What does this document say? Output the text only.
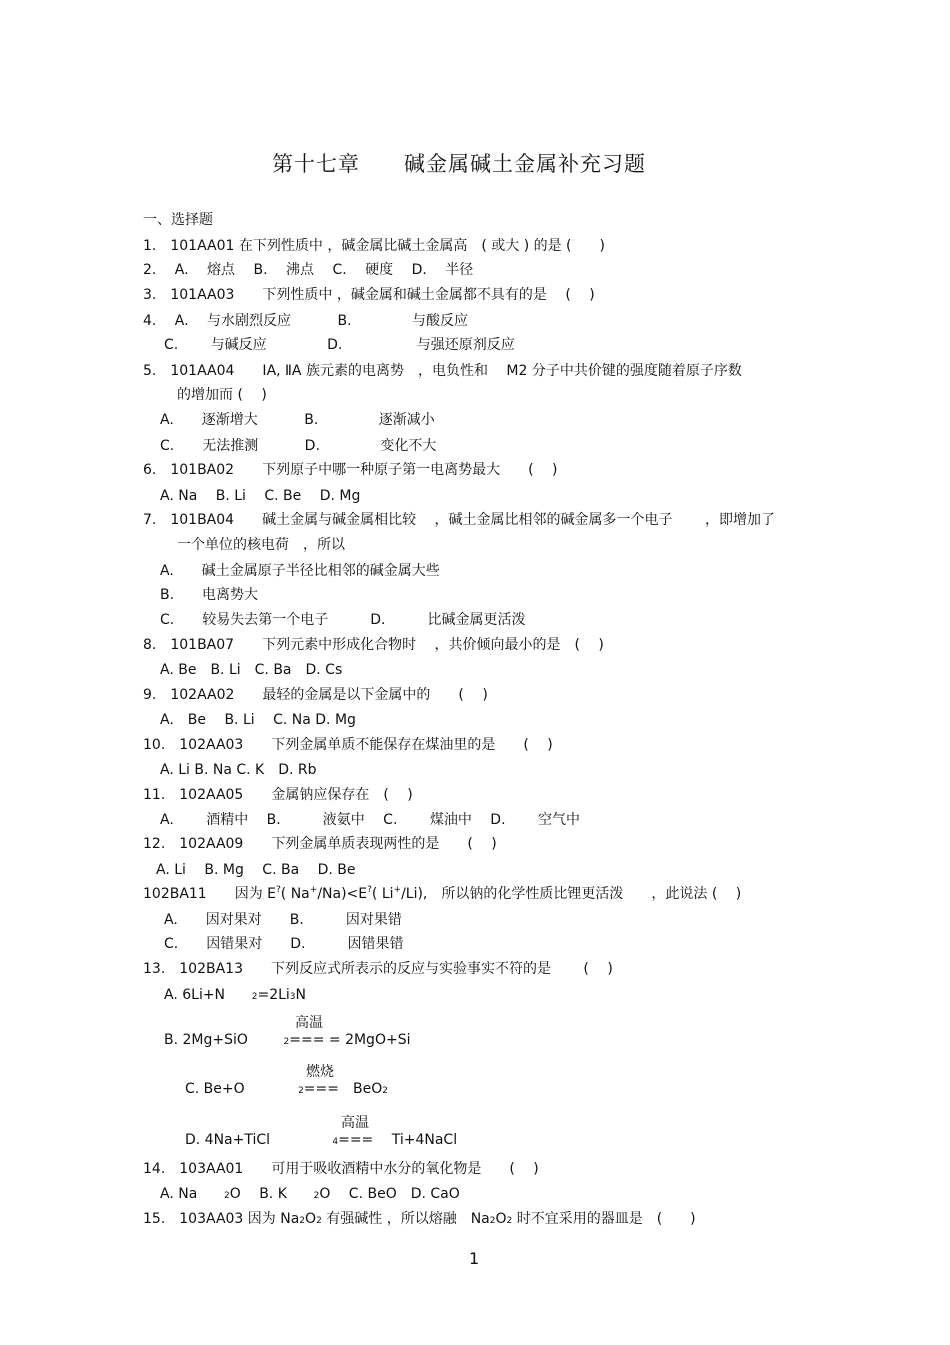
第十七章　　碱金属碱土金属补充习题
一、选择题
1.　101AA01 在下列性质中 ，碱金属比碱土金属高　( 或大 ) 的是 (　　)
2.　 A.　 熔点　 B.　 沸点　 C.　 硬度　 D.　 半径
3.　101AA03　　下列性质中 ，碱金属和碱土金属都不具有的是　 (　 )
4.　 A.　 与水剧烈反应　　　 B.　　　　 与酸反应
C.　　 与碱反应　　　　 D.　　　　　 与强还原剂反应
5.　101AA04　　ⅠA, ⅡA 族元素的电离势　，电负性和　 M2 分子中共价键的强度随着原子序数
的增加而 (　 )
A.　　逐渐增大　　　 B.　　　　 逐渐减小
C.　　无法推测　　　 D.　　　　 变化不大
6.　101BA02　　下列原子中哪一种原子第一电离势最大　　(　 )
A. Na　 B. Li　 C. Be　 D. Mg
7.　101BA04　　碱土金属与碱金属相比较　 ，碱土金属比相邻的碱金属多一个电子　　 ，即增加了
一个单位的核电荷　，所以
A.　　碱土金属原子半径比相邻的碱金属大些
B.　　电离势大
C.　　较易失去第一个电子　　　D.　　　比碱金属更活泼
8.　101BA07　　下列元素中形成化合物时　 ，共价倾向最小的是　(　 )
A. Be　B. Li　C. Ba　D. Cs
9.　102AA02　　最轻的金属是以下金属中的　　(　 )
A.　Be　 B. Li　 C. Na D. Mg
10.　102AA03　　下列金属单质不能保存在煤油里的是　　(　 )
A. Li B. Na C. K　D. Rb
11.　102AA05　　金属钠应保存在　(　 )
A.　　 酒精中　 B.　　　液氨中　 C.　　 煤油中　 D.　　 空气中
12.　102AA09　　下列金属单质表现两性的是　　(　 )
A. Li　 B. Mg　 C. Ba　 D. Be
102BA11　　因为 E?( Na+/Na)<E?( Li+/Li),　所以钠的化学性质比锂更活泼　　，此说法 (　 )
A.　　因对果对　　B.　　　因对果错
C.　　因错果对　　D.　　　因错果错
13.　102BA13　　下列反应式所表示的反应与实验事实不符的是　　 (　 )
A. 6Li+N	2=2Li3N
高温
B. 2Mg+SiO	2=== = 2MgO+Si
燃烧
C. Be+O	2===　BeO2
高温
D. 4Na+TiCl	4===　 Ti+4NaCl
14.　103AA01　　可用于吸收酒精中水分的氧化物是　　(　 )
A. Na	2O　 B. K	2O　 C. BeO　D. CaO
15.　103AA03 因为 Na2O2 有强碱性 ，所以熔融　Na2O2 时不宜采用的器皿是　(　　)
1
